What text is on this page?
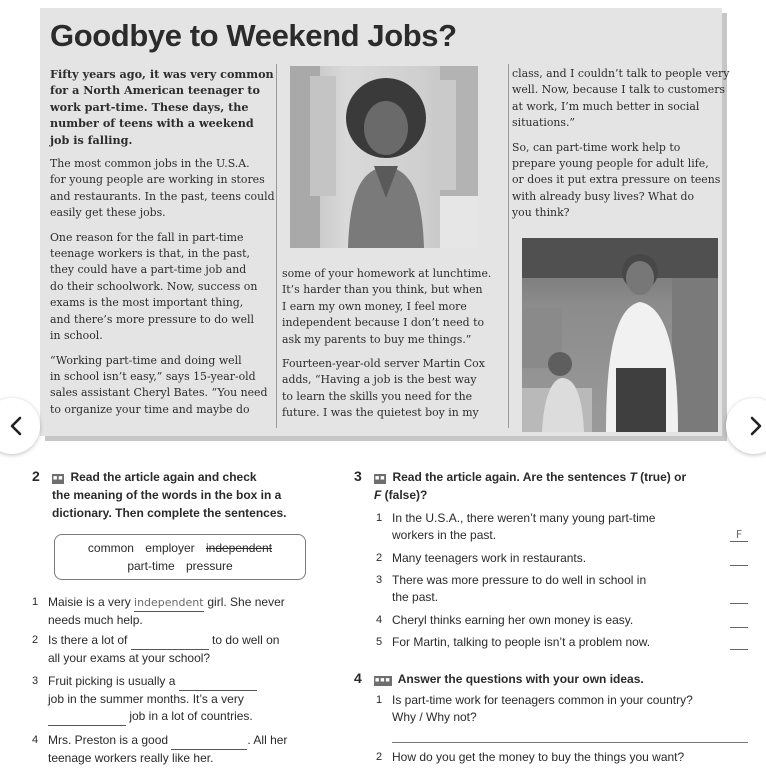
Goodbye to Weekend Jobs?

Fifty years ago, it was very common
for a North American teenager to
work part-time. These days, the
number of teens with a weekend
job is falling.

The most common jobs in the U.S.A.
for young people are working in stores
and restaurants. In the past, teens could
easily get these jobs.

One reason for the fall in part-time
teenage workers is that, in the past,
they could have a part-time job and
do their schoolwork. Now, success on
exams is the most important thing,
and there’s more pressure to do well
in school.

“Working part-time and doing well
in school isn’t easy,” says 15-year-old
sales assistant Cheryl Bates. “You need
to organize your time and maybe do

some of your homework at lunchtime.
It’s harder than you think, but when
I earn my own money, I feel more
independent because I don’t need to
ask my parents to buy me things.”

Fourteen-year-old server Martin Cox
adds, “Having a job is the best way
to learn the skills you need for the
future. I was the quietest boy in my

class, and I couldn’t talk to people very
well. Now, because I talk to customers
at work, I’m much better in social
situations.”

So, can part-time work help to
prepare young people for adult life,
or does it put extra pressure on teens
with already busy lives? What do
you think?

2 ■■ Read the article again and check
the meaning of the words in the box in a
dictionary. Then complete the sentences.
common employer independent
part-time pressure
1 Maisie is a very independent girl. She never
needs much help.
2 Is there a lot of	to do well on
all your exams at your school?
3 Fruit picking is usually a
job in the summer months. It’s a very
job in a lot of countries.
4 Mrs. Preston is a good	. All her
teenage workers really like her.
3 ■■ Read the article again. Are the sentences T (true) or
F (false)?
1 In the U.S.A., there weren’t many young part-time
workers in the past.	F
2 Many teenagers work in restaurants.

3 There was more pressure to do well in school in
the past.

4 Cheryl thinks earning her own money is easy.

5 For Martin, talking to people isn’t a problem now.

4 ■■■ Answer the questions with your own ideas.
1 Is part-time work for teenagers common in your country?
Why / Why not?
2 How do you get the money to buy the things you want?
